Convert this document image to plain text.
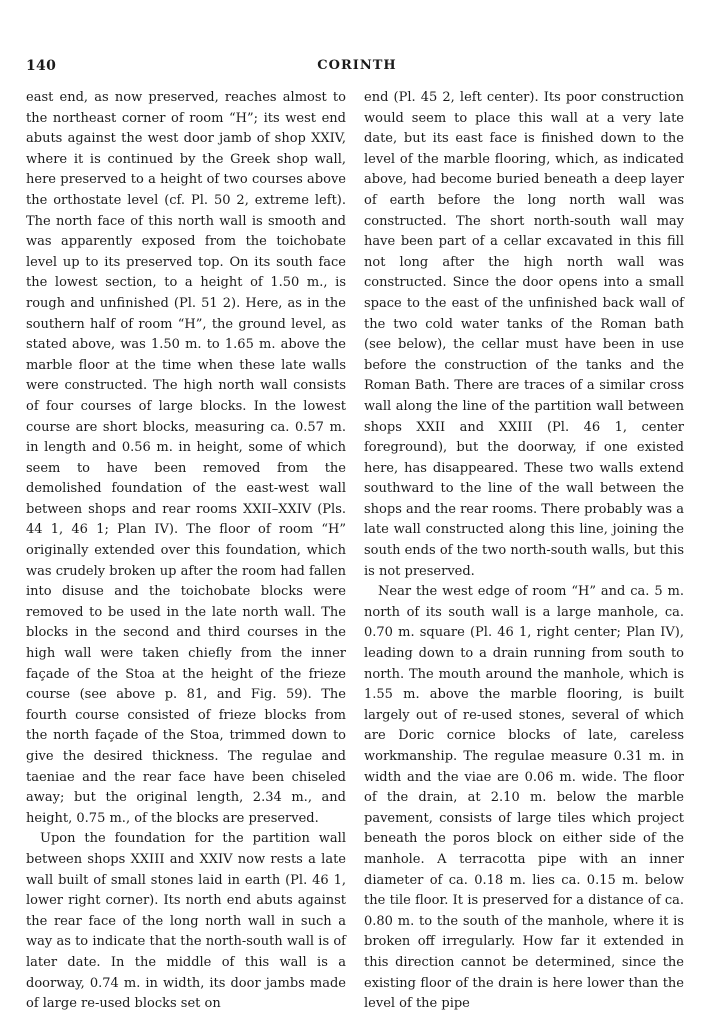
140	CORINTH

east end, as now preserved, reaches almost to the northeast corner of room “H”; its west end abuts against the west door jamb of shop XXIV, where it is continued by the Greek shop wall, here preserved to a height of two courses above the orthostate level (cf. Pl. 50 2, extreme left). The north face of this north wall is smooth and was apparently exposed from the toichobate level up to its preserved top. On its south face the lowest section, to a height of 1.50 m., is rough and unfinished (Pl. 51 2). Here, as in the southern half of room “H”, the ground level, as stated above, was 1.50 m. to 1.65 m. above the marble floor at the time when these late walls were constructed. The high north wall consists of four courses of large blocks. In the lowest course are short blocks, measuring ca. 0.57 m. in length and 0.56 m. in height, some of which seem to have been removed from the demolished foundation of the east-west wall between shops and rear rooms XXII–XXIV (Pls. 44 1, 46 1; Plan IV). The floor of room “H” originally extended over this foundation, which was crudely broken up after the room had fallen into disuse and the toichobate blocks were removed to be used in the late north wall. The blocks in the second and third courses in the high wall were taken chiefly from the inner façade of the Stoa at the height of the frieze course (see above p. 81, and Fig. 59). The fourth course consisted of frieze blocks from the north façade of the Stoa, trimmed down to give the desired thickness. The regulae and taeniae and the rear face have been chiseled away; but the original length, 2.34 m., and height, 0.75 m., of the blocks are preserved.

Upon the foundation for the partition wall between shops XXIII and XXIV now rests a late wall built of small stones laid in earth (Pl. 46 1, lower right corner). Its north end abuts against the rear face of the long north wall in such a way as to indicate that the north-south wall is of later date. In the middle of this wall is a doorway, 0.74 m. in width, its door jambs made of large re-used blocks set on

end (Pl. 45 2, left center). Its poor construction would seem to place this wall at a very late date, but its east face is finished down to the level of the marble flooring, which, as indicated above, had become buried beneath a deep layer of earth before the long north wall was constructed. The short north-south wall may have been part of a cellar excavated in this fill not long after the high north wall was constructed. Since the door opens into a small space to the east of the unfinished back wall of the two cold water tanks of the Roman bath (see below), the cellar must have been in use before the construction of the tanks and the Roman Bath. There are traces of a similar cross wall along the line of the partition wall between shops XXII and XXIII (Pl. 46 1, center foreground), but the doorway, if one existed here, has disappeared. These two walls extend southward to the line of the wall between the shops and the rear rooms. There probably was a late wall constructed along this line, joining the south ends of the two north-south walls, but this is not preserved.

Near the west edge of room “H” and ca. 5 m. north of its south wall is a large manhole, ca. 0.70 m. square (Pl. 46 1, right center; Plan IV), leading down to a drain running from south to north. The mouth around the manhole, which is 1.55 m. above the marble flooring, is built largely out of re-used stones, several of which are Doric cornice blocks of late, careless workmanship. The regulae measure 0.31 m. in width and the viae are 0.06 m. wide. The floor of the drain, at 2.10 m. below the marble pavement, consists of large tiles which project beneath the poros block on either side of the manhole. A terracotta pipe with an inner diameter of ca. 0.18 m. lies ca. 0.15 m. below the tile floor. It is preserved for a distance of ca. 0.80 m. to the south of the manhole, where it is broken off irregularly. How far it extended in this direction cannot be determined, since the existing floor of the drain is here lower than the level of the pipe
